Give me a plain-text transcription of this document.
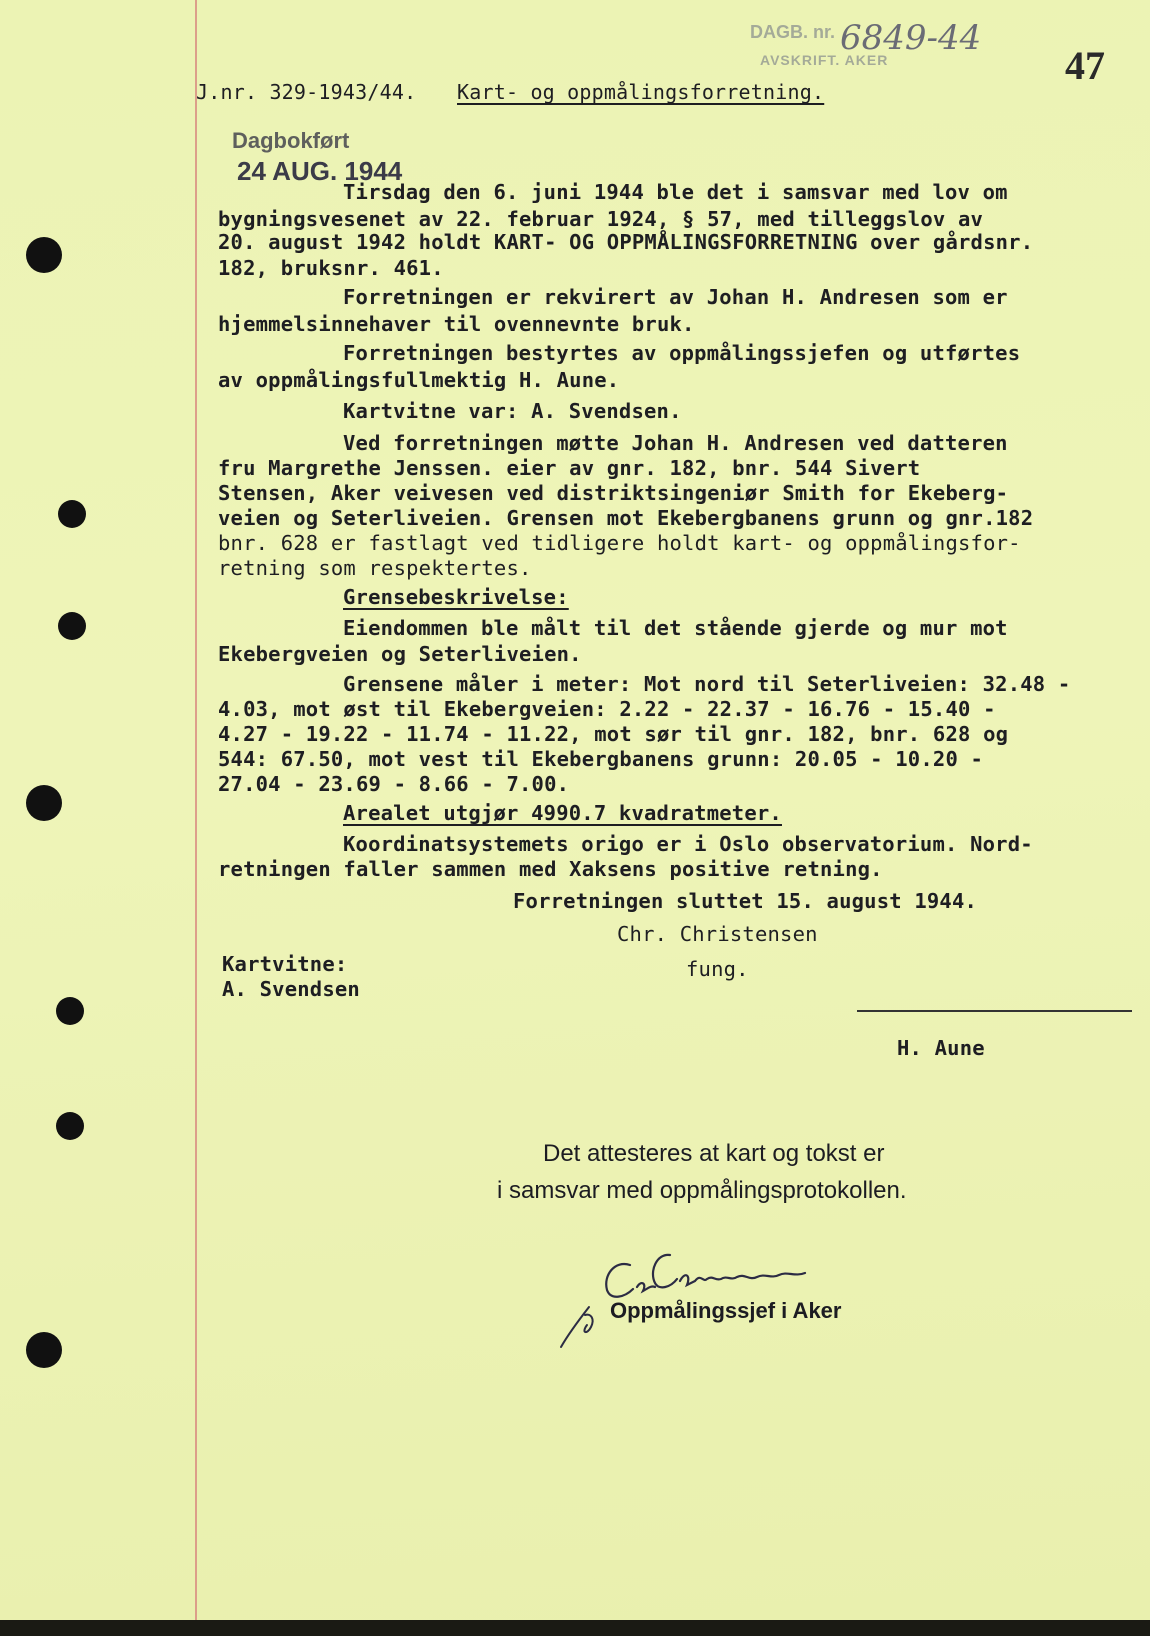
DAGB. nr.
AVSKRIFT. AKER
6849-44
47
J.nr. 329-1943/44. Kart- og oppmålingsforretning.
Dagbokført
24 AUG. 1944
Tirsdag den 6. juni 1944 ble det i samsvar med lov om
bygningsvesenet av 22. februar 1924, § 57, med tilleggslov av
20. august 1942 holdt KART- OG OPPMÅLINGSFORRETNING over gårdsnr.
182, bruksnr. 461.
Forretningen er rekvirert av Johan H. Andresen som er
hjemmelsinnehaver til ovennevnte bruk.
Forretningen bestyrtes av oppmålingssjefen og utførtes
av oppmålingsfullmektig H. Aune.
Kartvitne var: A. Svendsen.
Ved forretningen møtte Johan H. Andresen ved datteren
fru Margrethe Jenssen. eier av gnr. 182, bnr. 544 Sivert
Stensen, Aker veivesen ved distriktsingeniør Smith for Ekeberg-
veien og Seterliveien. Grensen mot Ekebergbanens grunn og gnr.182
bnr. 628 er fastlagt ved tidligere holdt kart- og oppmålingsfor-
retning som respektertes.
Grensebeskrivelse:
Eiendommen ble målt til det stående gjerde og mur mot
Ekebergveien og Seterliveien.
Grensene måler i meter: Mot nord til Seterliveien: 32.48 -
4.03, mot øst til Ekebergveien: 2.22 - 22.37 - 16.76 - 15.40 -
4.27 - 19.22 - 11.74 - 11.22, mot sør til gnr. 182, bnr. 628 og
544: 67.50, mot vest til Ekebergbanens grunn: 20.05 - 10.20 -
27.04 - 23.69 - 8.66 - 7.00.
Arealet utgjør 4990.7 kvadratmeter.
Koordinatsystemets origo er i Oslo observatorium. Nord-
retningen faller sammen med Xaksens positive retning.
Forretningen sluttet 15. august 1944.
Chr. Christensen
fung.
Kartvitne:
A. Svendsen
H. Aune
Det attesteres at kart og tokst er
i samsvar med oppmålingsprotokollen.
Oppmålingssjef i Aker
